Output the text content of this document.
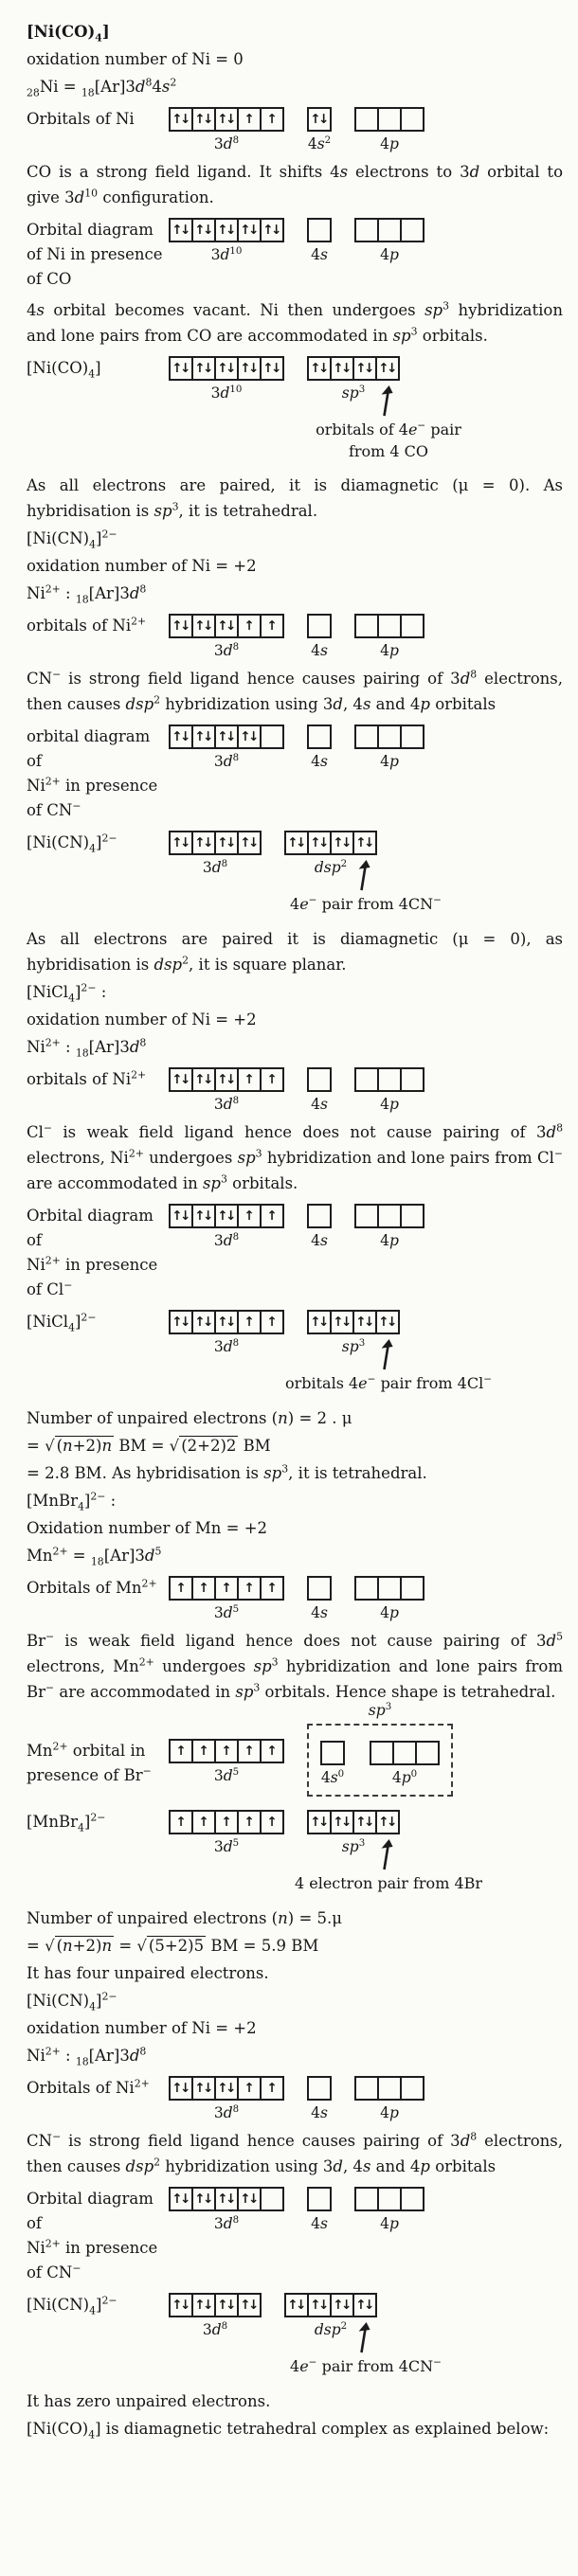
$[Ni(CO)_4]$
oxidation number of Ni = 0
$_{28}Ni = _{18}[Ar]3d^84s^2$
Orbitals of Ni	↑↓ ↑↓ ↑↓ ↑ ↑
$3d^8$
↑↓
$4s^2$	4p
CO is a strong field ligand. It shifts 4s electrons to 3d orbital to give $3d^{10}$ configuration.
Orbital diagram
of Ni in presence
of CO
↑↓ ↑↓ ↑↓ ↑↓ ↑↓
$3d^{10}$	4s	4p
4s orbital becomes vacant. Ni then undergoes $sp^3$ hybridization and lone pairs from CO are accommodated in $sp^3$ orbitals.
$[Ni(CO)_4]$	↑↓ ↑↓ ↑↓ ↑↓ ↑↓
$3d^{10}$
↑↓ ↑↓ ↑↓ ↑↓
$sp^3$
orbitals of 4e− pair
from 4 CO
As all electrons are paired, it is diamagnetic (μ = 0). As hybridisation is $sp^3$, it is tetrahedral.
$[Ni(CN)_4]^{2-}$
oxidation number of Ni = +2
$Ni^{2+}$ : $_{18}[Ar]3d^8$
orbitals of $Ni^{2+}$	↑↓ ↑↓ ↑↓ ↑ ↑
$3d^8$	4s	4p
CN− is strong field ligand hence causes pairing of $3d^8$ electrons, then causes dsp$^2$ hybridization using 3d, 4s and 4p orbitals
orbital diagram of
$Ni^{2+}$ in presence
of CN−
↑↓ ↑↓ ↑↓ ↑↓
$3d^8$	4s	4p
$[Ni(CN)_4]^{2-}$	↑↓ ↑↓ ↑↓ ↑↓
$3d^8$
↑↓ ↑↓ ↑↓ ↑↓
dsp$^2$
4e− pair from 4CN−
As all electrons are paired it is diamagnetic (μ = 0), as hybridisation is dsp$^2$, it is square planar.
[NiCl$_4$]$^{2-}$ :
oxidation number of Ni = +2
$Ni^{2+}$ : $_{18}[Ar]3d^8$
orbitals of $Ni^{2+}$	↑↓ ↑↓ ↑↓ ↑ ↑
$3d^8$	4s	4p
Cl− is weak field ligand hence does not cause pairing of $3d^8$ electrons, $Ni^{2+}$ undergoes $sp^3$ hybridization and lone pairs from Cl− are accommodated in $sp^3$ orbitals.
Orbital diagram of
$Ni^{2+}$ in presence
of Cl−
↑↓ ↑↓ ↑↓ ↑ ↑
$3d^8$	4s	4p
[NiCl$_4$]$^{2-}$	↑↓ ↑↓ ↑↓ ↑ ↑
$3d^8$
↑↓ ↑↓ ↑↓ ↑↓
$sp^3$
orbitals 4e− pair from 4Cl−
Number of unpaired electrons (n) = 2 . μ
= √ (n+2)n BM = √ (2+2)2 BM
= 2.8 BM. As hybridisation is $sp^3$, it is tetrahedral.
[MnBr$_4$]$^{2-}$ :
Oxidation number of Mn = +2
$Mn^{2+} = _{18}[Ar]3d^5$
Orbitals of $Mn^{2+}$	↑ ↑ ↑ ↑ ↑
$3d^5$	4s	4p
Br− is weak field ligand hence does not cause pairing of $3d^5$ electrons, $Mn^{2+}$ undergoes $sp^3$ hybridization and lone pairs from Br− are accommodated in $sp^3$ orbitals. Hence shape is tetrahedral.
$Mn^{2+}$ orbital in
presence of Br−
↑ ↑ ↑ ↑ ↑
$3d^5$
$sp^3$
$4s^0$	$4p^0$
[MnBr$_4$]$^{2-}$	↑ ↑ ↑ ↑ ↑
$3d^5$
↑↓ ↑↓ ↑↓ ↑↓
$sp^3$
4 electron pair from 4Br
Number of unpaired electrons (n) = 5.μ
= √ (n+2)n = √ (5+2)5 BM = 5.9 BM
It has four unpaired electrons.
$[Ni(CN)_4]^{2-}$
oxidation number of Ni = +2
$Ni^{2+}$ : $_{18}[Ar]3d^8$
Orbitals of $Ni^{2+}$	↑↓ ↑↓ ↑↓ ↑ ↑
$3d^8$	4s	4p
CN− is strong field ligand hence causes pairing of $3d^8$ electrons, then causes dsp$^2$ hybridization using 3d, 4s and 4p orbitals
Orbital diagram of
$Ni^{2+}$ in presence
of CN−
↑↓ ↑↓ ↑↓ ↑↓
$3d^8$	4s	4p
$[Ni(CN)_4]^{2-}$	↑↓ ↑↓ ↑↓ ↑↓
$3d^8$
↑↓ ↑↓ ↑↓ ↑↓
dsp$^2$
4e− pair from 4CN−
It has zero unpaired electrons.
$[Ni(CO)_4]$ is diamagnetic tetrahedral complex as explained below:
